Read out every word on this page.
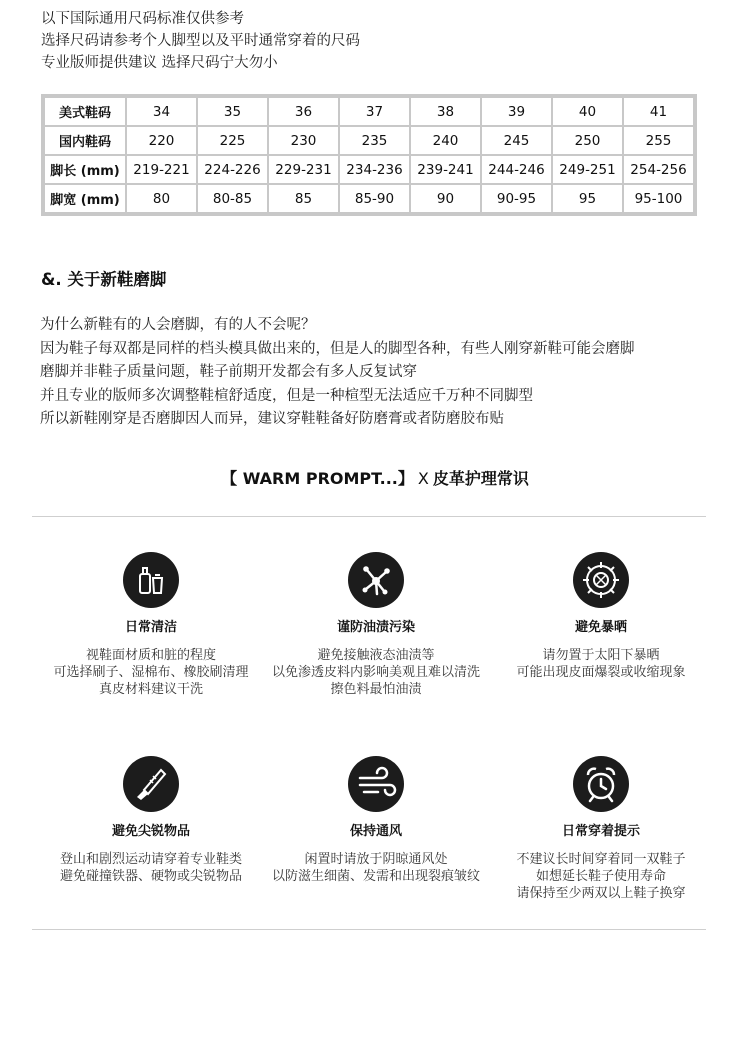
以下国际通用尺码标准仅供参考
选择尺码请参考个人脚型以及平时通常穿着的尺码
专业版师提供建议 选择尺码宁大勿小
美式鞋码	34	35	36	37	38	39	40	41
国内鞋码	220	225	230	235	240	245	250	255
脚长 (mm)	219-221	224-226	229-231	234-236	239-241	244-246	249-251	254-256
脚宽 (mm)	80	80-85	85	85-90	90	90-95	95	95-100
&. 关于新鞋磨脚
为什么新鞋有的人会磨脚，有的人不会呢？
因为鞋子每双都是同样的档头模具做出来的，但是人的脚型各种，有些人刚穿新鞋可能会磨脚
磨脚并非鞋子质量问题，鞋子前期开发都会有多人反复试穿
并且专业的版师多次调整鞋楦舒适度，但是一种楦型无法适应千万种不同脚型
所以新鞋刚穿是否磨脚因人而异，建议穿鞋鞋备好防磨膏或者防磨胶布贴
【 WARM PROMPT...】 X 皮革护理常识
日常清洁
视鞋面材质和脏的程度
可选择刷子、湿棉布、橡胶刷清理
真皮材料建议干洗
谨防油渍污染
避免接触液态油渍等
以免渗透皮料内影响美观且难以清洗
擦色料最怕油渍
避免暴晒
请勿置于太阳下暴晒
可能出现皮面爆裂或收缩现象
避免尖锐物品
登山和剧烈运动请穿着专业鞋类
避免碰撞铁器、硬物或尖锐物品
保持通风
闲置时请放于阴晾通风处
以防滋生细菌、发需和出现裂痕皱纹
日常穿着提示
不建议长时间穿着同一双鞋子
如想延长鞋子使用寿命
请保持至少两双以上鞋子换穿
